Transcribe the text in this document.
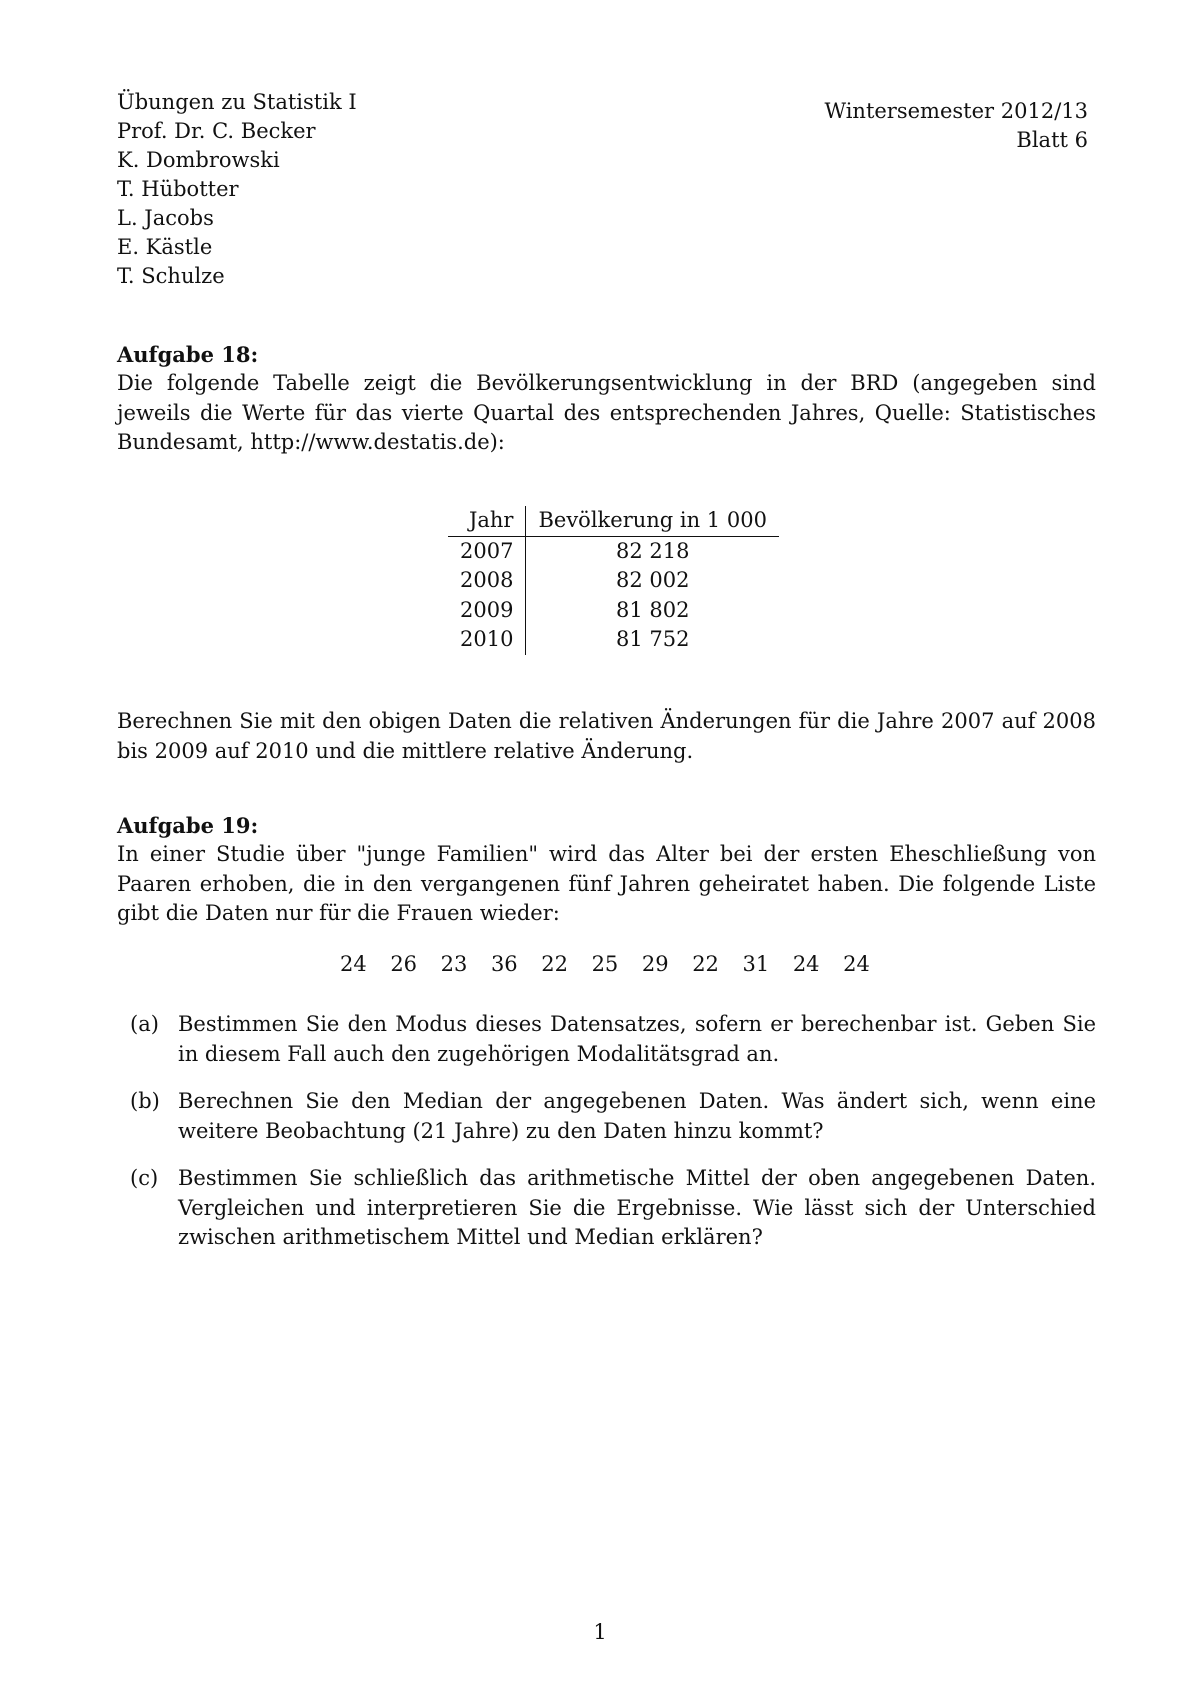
Übungen zu Statistik I
Prof. Dr. C. Becker
K. Dombrowski
T. Hübotter
L. Jacobs
E. Kästle
T. Schulze
Wintersemester 2012/13
Blatt 6
Aufgabe 18:
Die folgende Tabelle zeigt die Bevölkerungsentwicklung in der BRD (angegeben sind jeweils die Werte für das vierte Quartal des entsprechenden Jahres, Quelle: Statistisches Bundesamt, http://www.destatis.de):
Jahr	Bevölkerung in 1 000
2007	82 218
2008	82 002
2009	81 802
2010	81 752
Berechnen Sie mit den obigen Daten die relativen Änderungen für die Jahre 2007 auf 2008 bis 2009 auf 2010 und die mittlere relative Änderung.
Aufgabe 19:
In einer Studie über "junge Familien" wird das Alter bei der ersten Eheschließung von Paaren erhoben, die in den vergangenen fünf Jahren geheiratet haben. Die folgende Liste gibt die Daten nur für die Frauen wieder:
24 26 23 36 22 25 29 22 31 24 24
(a) Bestimmen Sie den Modus dieses Datensatzes, sofern er berechenbar ist. Geben Sie in diesem Fall auch den zugehörigen Modalitätsgrad an.
(b) Berechnen Sie den Median der angegebenen Daten. Was ändert sich, wenn eine weitere Beobachtung (21 Jahre) zu den Daten hinzu kommt?
(c) Bestimmen Sie schließlich das arithmetische Mittel der oben angegebenen Daten. Vergleichen und interpretieren Sie die Ergebnisse. Wie lässt sich der Unterschied zwischen arithmetischem Mittel und Median erklären?
1
